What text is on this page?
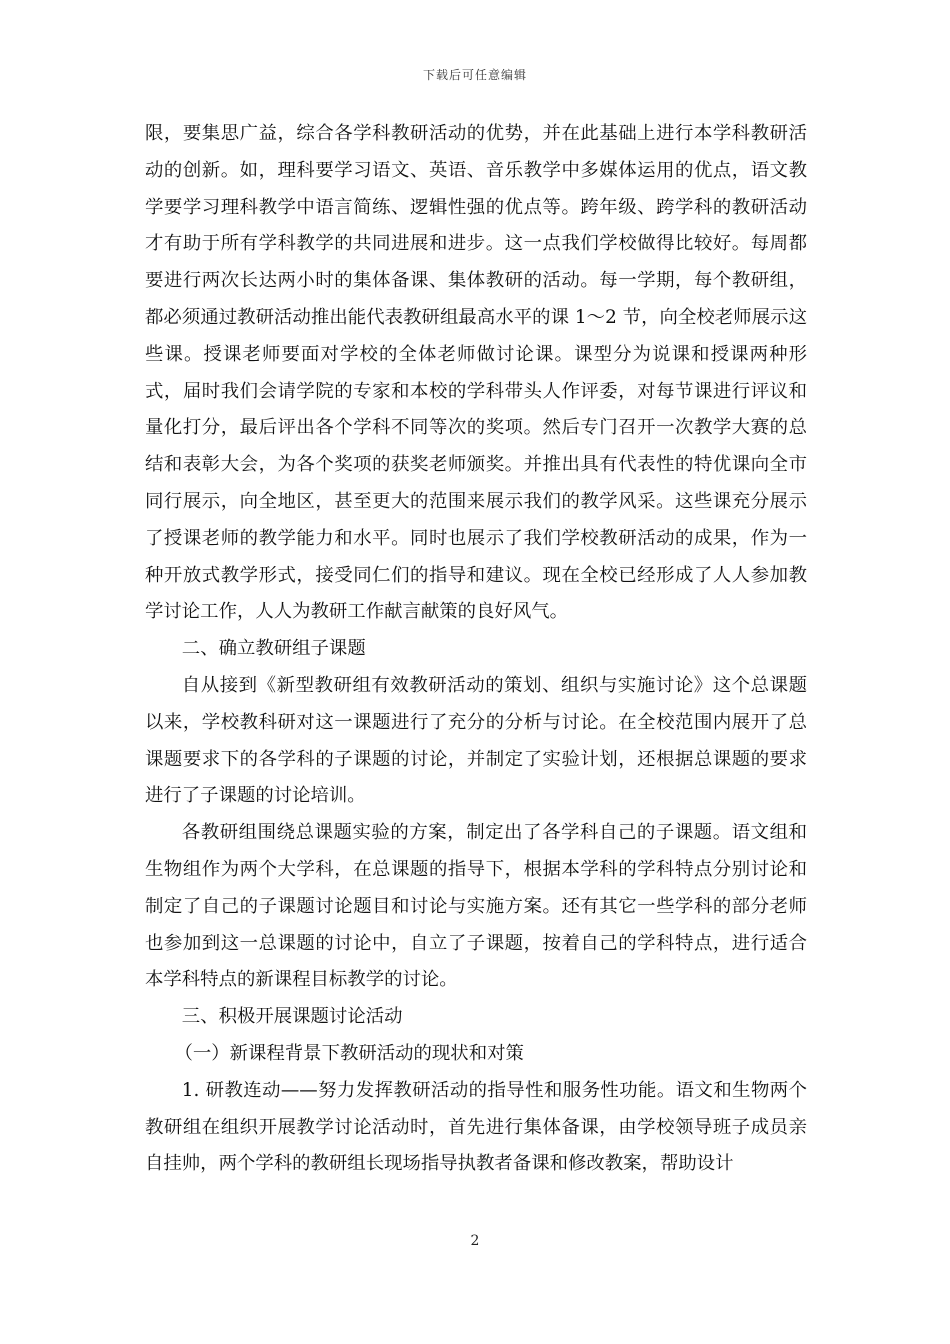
下载后可任意编辑

限，要集思广益，综合各学科教研活动的优势，并在此基础上进行本学科教研活动的创新。如，理科要学习语文、英语、音乐教学中多媒体运用的优点，语文教学要学习理科教学中语言简练、逻辑性强的优点等。跨年级、跨学科的教研活动才有助于所有学科教学的共同进展和进步。这一点我们学校做得比较好。每周都要进行两次长达两小时的集体备课、集体教研的活动。每一学期，每个教研组，都必须通过教研活动推出能代表教研组最高水平的课 1～2 节，向全校老师展示这些课。授课老师要面对学校的全体老师做讨论课。课型分为说课和授课两种形式，届时我们会请学院的专家和本校的学科带头人作评委，对每节课进行评议和量化打分，最后评出各个学科不同等次的奖项。然后专门召开一次教学大赛的总结和表彰大会，为各个奖项的获奖老师颁奖。并推出具有代表性的特优课向全市同行展示，向全地区，甚至更大的范围来展示我们的教学风采。这些课充分展示了授课老师的教学能力和水平。同时也展示了我们学校教研活动的成果，作为一种开放式教学形式，接受同仁们的指导和建议。现在全校已经形成了人人参加教学讨论工作，人人为教研工作献言献策的良好风气。

二、确立教研组子课题

自从接到《新型教研组有效教研活动的策划、组织与实施讨论》这个总课题以来，学校教科研对这一课题进行了充分的分析与讨论。在全校范围内展开了总课题要求下的各学科的子课题的讨论，并制定了实验计划，还根据总课题的要求进行了子课题的讨论培训。

各教研组围绕总课题实验的方案，制定出了各学科自己的子课题。语文组和生物组作为两个大学科，在总课题的指导下，根据本学科的学科特点分别讨论和制定了自己的子课题讨论题目和讨论与实施方案。还有其它一些学科的部分老师也参加到这一总课题的讨论中，自立了子课题，按着自己的学科特点，进行适合本学科特点的新课程目标教学的讨论。

三、积极开展课题讨论活动

（一）新课程背景下教研活动的现状和对策

1. 研教连动——努力发挥教研活动的指导性和服务性功能。语文和生物两个教研组在组织开展教学讨论活动时，首先进行集体备课，由学校领导班子成员亲自挂帅，两个学科的教研组长现场指导执教者备课和修改教案，帮助设计

2
